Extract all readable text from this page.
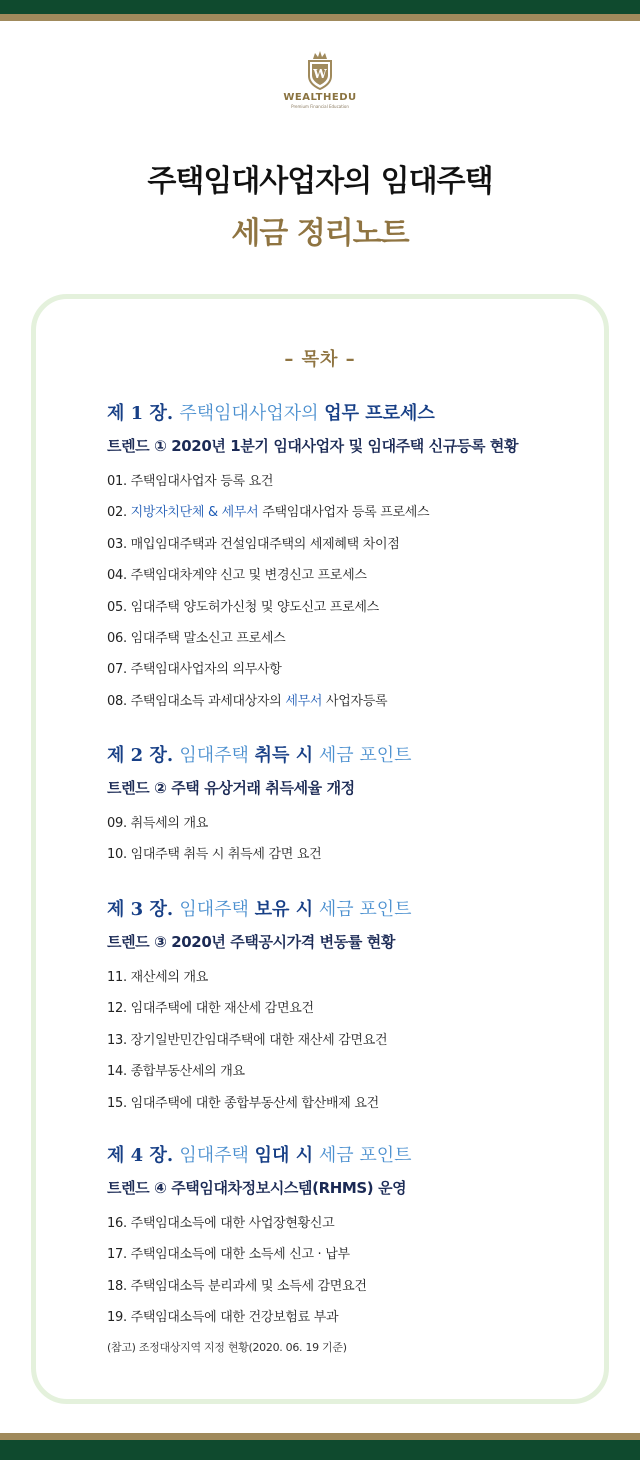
W
WEALTHEDU
Premium Financial Education
주택임대사업자의 임대주택
세금 정리노트
– 목차 –
제 1 장. 주택임대사업자의 업무 프로세스
트렌드 ① 2020년 1분기 임대사업자 및 임대주택 신규등록 현황
01. 주택임대사업자 등록 요건
02. 지방자치단체 & 세무서 주택임대사업자 등록 프로세스
03. 매입임대주택과 건설임대주택의 세제혜택 차이점
04. 주택임대차계약 신고 및 변경신고 프로세스
05. 임대주택 양도허가신청 및 양도신고 프로세스
06. 임대주택 말소신고 프로세스
07. 주택임대사업자의 의무사항
08. 주택임대소득 과세대상자의 세무서 사업자등록
제 2 장. 임대주택 취득 시 세금 포인트
트렌드 ② 주택 유상거래 취득세율 개정
09. 취득세의 개요
10. 임대주택 취득 시 취득세 감면 요건
제 3 장. 임대주택 보유 시 세금 포인트
트렌드 ③ 2020년 주택공시가격 변동률 현황
11. 재산세의 개요
12. 임대주택에 대한 재산세 감면요건
13. 장기일반민간임대주택에 대한 재산세 감면요건
14. 종합부동산세의 개요
15. 임대주택에 대한 종합부동산세 합산배제 요건
제 4 장. 임대주택 임대 시 세금 포인트
트렌드 ④ 주택임대차정보시스템(RHMS) 운영
16. 주택임대소득에 대한 사업장현황신고
17. 주택임대소득에 대한 소득세 신고 · 납부
18. 주택임대소득 분리과세 및 소득세 감면요건
19. 주택임대소득에 대한 건강보험료 부과
(참고) 조정대상지역 지정 현황(2020. 06. 19 기준)
